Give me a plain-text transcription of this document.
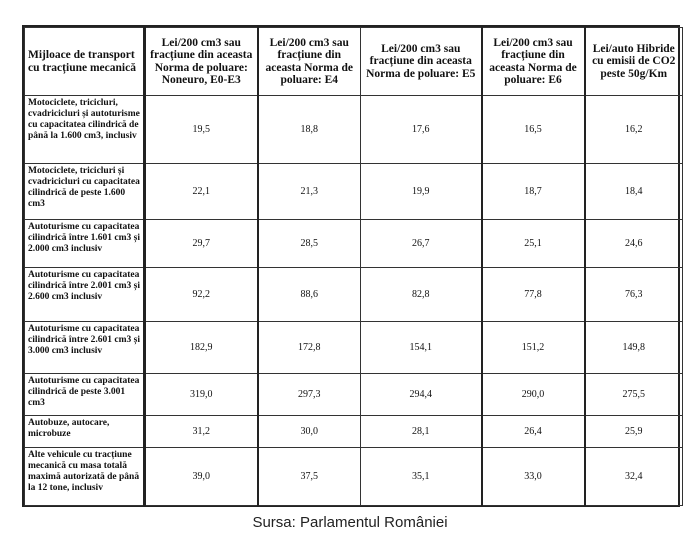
Mijloace de transport cu tracțiune mecanică	Lei/200 cm3 sau fracțiune din aceasta Norma de poluare: Noneuro, E0-E3	Lei/200 cm3 sau fracțiune din aceasta Norma de poluare: E4	Lei/200 cm3 sau fracțiune din aceasta Norma de poluare: E5	Lei/200 cm3 sau fracțiune din aceasta Norma de poluare: E6	Lei/auto Hibride cu emisii de CO2 peste 50g/Km
Motociclete, tricicluri, cvadricicluri și autoturisme cu capacitatea cilindrică de până la 1.600 cm3, inclusiv	19,5	18,8	17,6	16,5	16,2
Motociclete, tricicluri și cvadricicluri cu capacitatea cilindrică de peste 1.600 cm3	22,1	21,3	19,9	18,7	18,4
Autoturisme cu capacitatea cilindrică între 1.601 cm3 și 2.000 cm3 inclusiv	29,7	28,5	26,7	25,1	24,6
Autoturisme cu capacitatea cilindrică între 2.001 cm3 și 2.600 cm3 inclusiv	92,2	88,6	82,8	77,8	76,3
Autoturisme cu capacitatea cilindrică între 2.601 cm3 și 3.000 cm3 inclusiv	182,9	172,8	154,1	151,2	149,8
Autoturisme cu capacitatea cilindrică de peste 3.001 cm3	319,0	297,3	294,4	290,0	275,5
Autobuze, autocare, microbuze	31,2	30,0	28,1	26,4	25,9
Alte vehicule cu tracțiune mecanică cu masa totală maximă autorizată de până la 12 tone, inclusiv	39,0	37,5	35,1	33,0	32,4
Sursa: Parlamentul României
